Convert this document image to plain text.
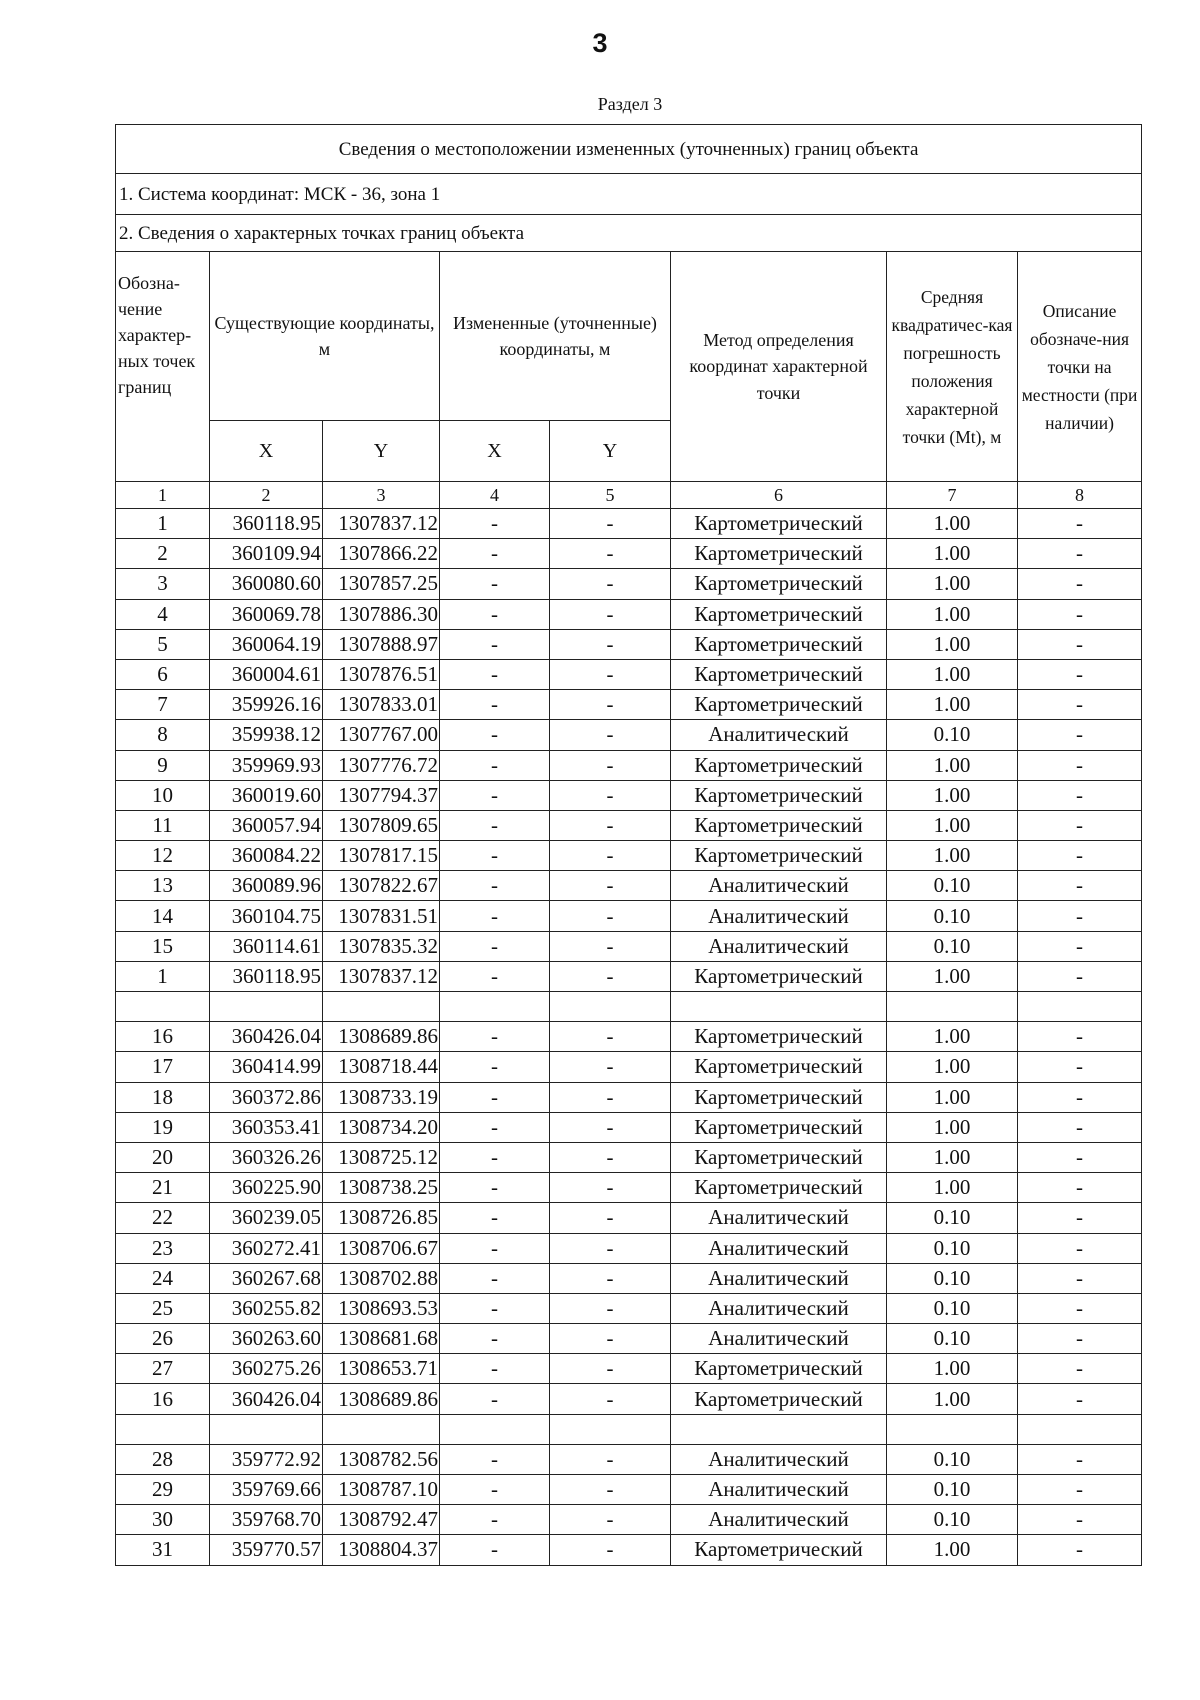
3
Раздел 3
Сведения о местоположении измененных (уточненных) границ объекта							
1. Система координат: МСК - 36, зона 1							
2. Сведения о характерных точках границ объекта							
Обозна-чение характер-ных точек границ	Существующие координаты, м		Измененные (уточненные) координаты, м		Метод определения координат характерной точки	Средняя квадратичес-кая погрешность положения характерной точки (Mt), м	Описание обозначе-ния точки на местности (при наличии)
	X	Y	X	Y			
1	2	3	4	5	6	7	8
1	360118.95	1307837.12	-	-	Картометрический	1.00	-
2	360109.94	1307866.22	-	-	Картометрический	1.00	-
3	360080.60	1307857.25	-	-	Картометрический	1.00	-
4	360069.78	1307886.30	-	-	Картометрический	1.00	-
5	360064.19	1307888.97	-	-	Картометрический	1.00	-
6	360004.61	1307876.51	-	-	Картометрический	1.00	-
7	359926.16	1307833.01	-	-	Картометрический	1.00	-
8	359938.12	1307767.00	-	-	Аналитический	0.10	-
9	359969.93	1307776.72	-	-	Картометрический	1.00	-
10	360019.60	1307794.37	-	-	Картометрический	1.00	-
11	360057.94	1307809.65	-	-	Картометрический	1.00	-
12	360084.22	1307817.15	-	-	Картометрический	1.00	-
13	360089.96	1307822.67	-	-	Аналитический	0.10	-
14	360104.75	1307831.51	-	-	Аналитический	0.10	-
15	360114.61	1307835.32	-	-	Аналитический	0.10	-
1	360118.95	1307837.12	-	-	Картометрический	1.00	-

16	360426.04	1308689.86	-	-	Картометрический	1.00	-
17	360414.99	1308718.44	-	-	Картометрический	1.00	-
18	360372.86	1308733.19	-	-	Картометрический	1.00	-
19	360353.41	1308734.20	-	-	Картометрический	1.00	-
20	360326.26	1308725.12	-	-	Картометрический	1.00	-
21	360225.90	1308738.25	-	-	Картометрический	1.00	-
22	360239.05	1308726.85	-	-	Аналитический	0.10	-
23	360272.41	1308706.67	-	-	Аналитический	0.10	-
24	360267.68	1308702.88	-	-	Аналитический	0.10	-
25	360255.82	1308693.53	-	-	Аналитический	0.10	-
26	360263.60	1308681.68	-	-	Аналитический	0.10	-
27	360275.26	1308653.71	-	-	Картометрический	1.00	-
16	360426.04	1308689.86	-	-	Картометрический	1.00	-

28	359772.92	1308782.56	-	-	Аналитический	0.10	-
29	359769.66	1308787.10	-	-	Аналитический	0.10	-
30	359768.70	1308792.47	-	-	Аналитический	0.10	-
31	359770.57	1308804.37	-	-	Картометрический	1.00	-
